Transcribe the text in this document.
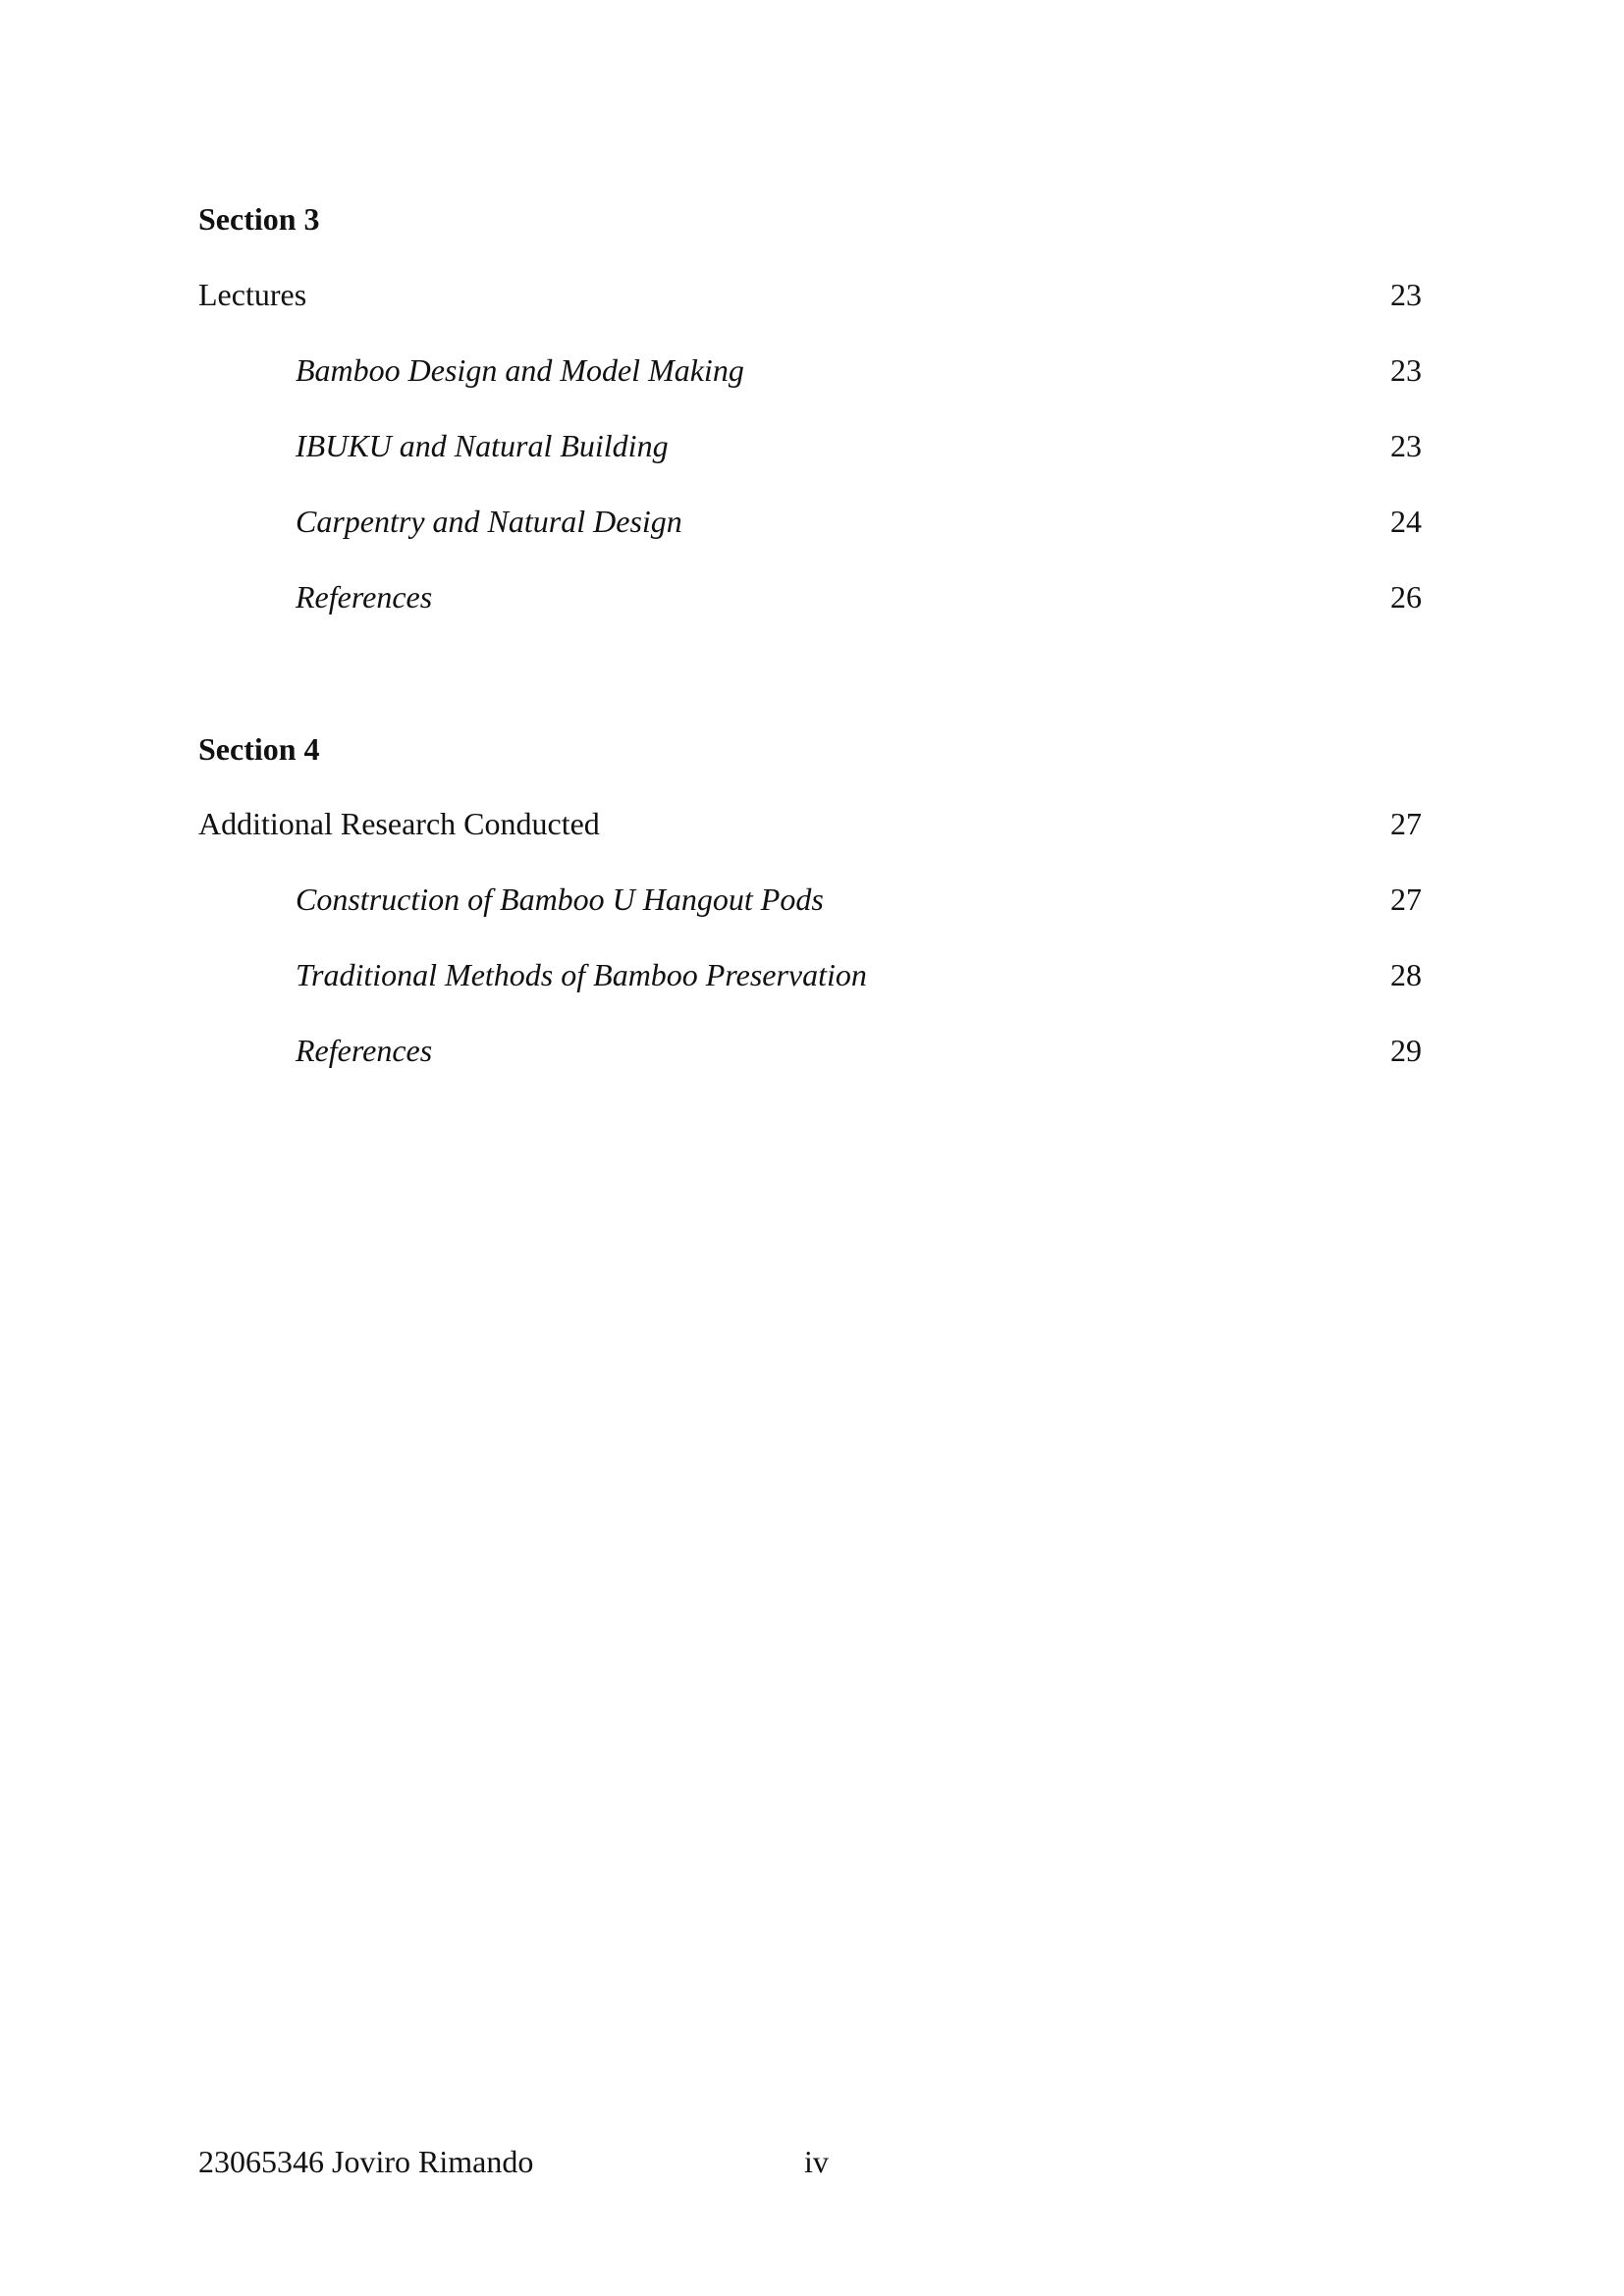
Section 3
Lectures	23
Bamboo Design and Model Making	23
IBUKU and Natural Building	23
Carpentry and Natural Design	24
References	26
Section 4
Additional Research Conducted	27
Construction of Bamboo U Hangout Pods	27
Traditional Methods of Bamboo Preservation	28
References	29
23065346 Joviro Rimando	iv
